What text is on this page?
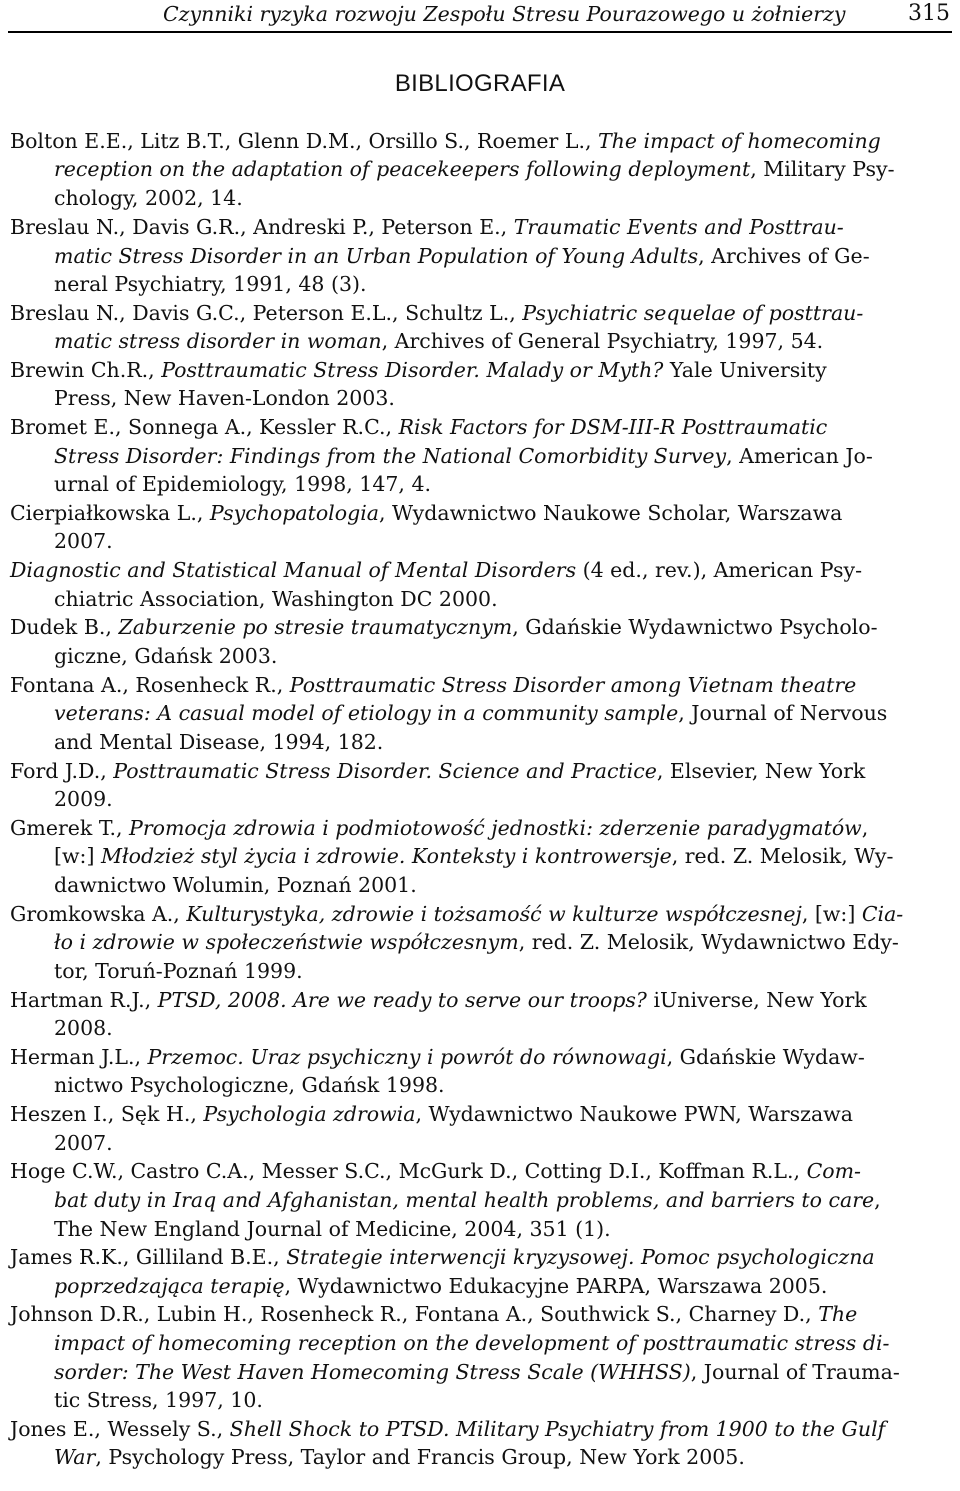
Czynniki ryzyka rozwoju Zespołu Stresu Pourazowego u żołnierzy	315
BIBLIOGRAFIA
Bolton E.E., Litz B.T., Glenn D.M., Orsillo S., Roemer L., The impact of homecoming
reception on the adaptation of peacekeepers following deployment, Military Psy-
chology, 2002, 14.
Breslau N., Davis G.R., Andreski P., Peterson E., Traumatic Events and Posttrau-
matic Stress Disorder in an Urban Population of Young Adults, Archives of Ge-
neral Psychiatry, 1991, 48 (3).
Breslau N., Davis G.C., Peterson E.L., Schultz L., Psychiatric sequelae of posttrau-
matic stress disorder in woman, Archives of General Psychiatry, 1997, 54.
Brewin Ch.R., Posttraumatic Stress Disorder. Malady or Myth? Yale University
Press, New Haven-London 2003.
Bromet E., Sonnega A., Kessler R.C., Risk Factors for DSM-III-R Posttraumatic
Stress Disorder: Findings from the National Comorbidity Survey, American Jo-
urnal of Epidemiology, 1998, 147, 4.
Cierpiałkowska L., Psychopatologia, Wydawnictwo Naukowe Scholar, Warszawa
2007.
Diagnostic and Statistical Manual of Mental Disorders (4 ed., rev.), American Psy-
chiatric Association, Washington DC 2000.
Dudek B., Zaburzenie po stresie traumatycznym, Gdańskie Wydawnictwo Psycholo-
giczne, Gdańsk 2003.
Fontana A., Rosenheck R., Posttraumatic Stress Disorder among Vietnam theatre
veterans: A casual model of etiology in a community sample, Journal of Nervous
and Mental Disease, 1994, 182.
Ford J.D., Posttraumatic Stress Disorder. Science and Practice, Elsevier, New York
2009.
Gmerek T., Promocja zdrowia i podmiotowość jednostki: zderzenie paradygmatów,
[w:] Młodzież styl życia i zdrowie. Konteksty i kontrowersje, red. Z. Melosik, Wy-
dawnictwo Wolumin, Poznań 2001.
Gromkowska A., Kulturystyka, zdrowie i tożsamość w kulturze współczesnej, [w:] Cia-
ło i zdrowie w społeczeństwie współczesnym, red. Z. Melosik, Wydawnictwo Edy-
tor, Toruń-Poznań 1999.
Hartman R.J., PTSD, 2008. Are we ready to serve our troops? iUniverse, New York
2008.
Herman J.L., Przemoc. Uraz psychiczny i powrót do równowagi, Gdańskie Wydaw-
nictwo Psychologiczne, Gdańsk 1998.
Heszen I., Sęk H., Psychologia zdrowia, Wydawnictwo Naukowe PWN, Warszawa
2007.
Hoge C.W., Castro C.A., Messer S.C., McGurk D., Cotting D.I., Koffman R.L., Com-
bat duty in Iraq and Afghanistan, mental health problems, and barriers to care,
The New England Journal of Medicine, 2004, 351 (1).
James R.K., Gilliland B.E., Strategie interwencji kryzysowej. Pomoc psychologiczna
poprzedzająca terapię, Wydawnictwo Edukacyjne PARPA, Warszawa 2005.
Johnson D.R., Lubin H., Rosenheck R., Fontana A., Southwick S., Charney D., The
impact of homecoming reception on the development of posttraumatic stress di-
sorder: The West Haven Homecoming Stress Scale (WHHSS), Journal of Trauma-
tic Stress, 1997, 10.
Jones E., Wessely S., Shell Shock to PTSD. Military Psychiatry from 1900 to the Gulf
War, Psychology Press, Taylor and Francis Group, New York 2005.
